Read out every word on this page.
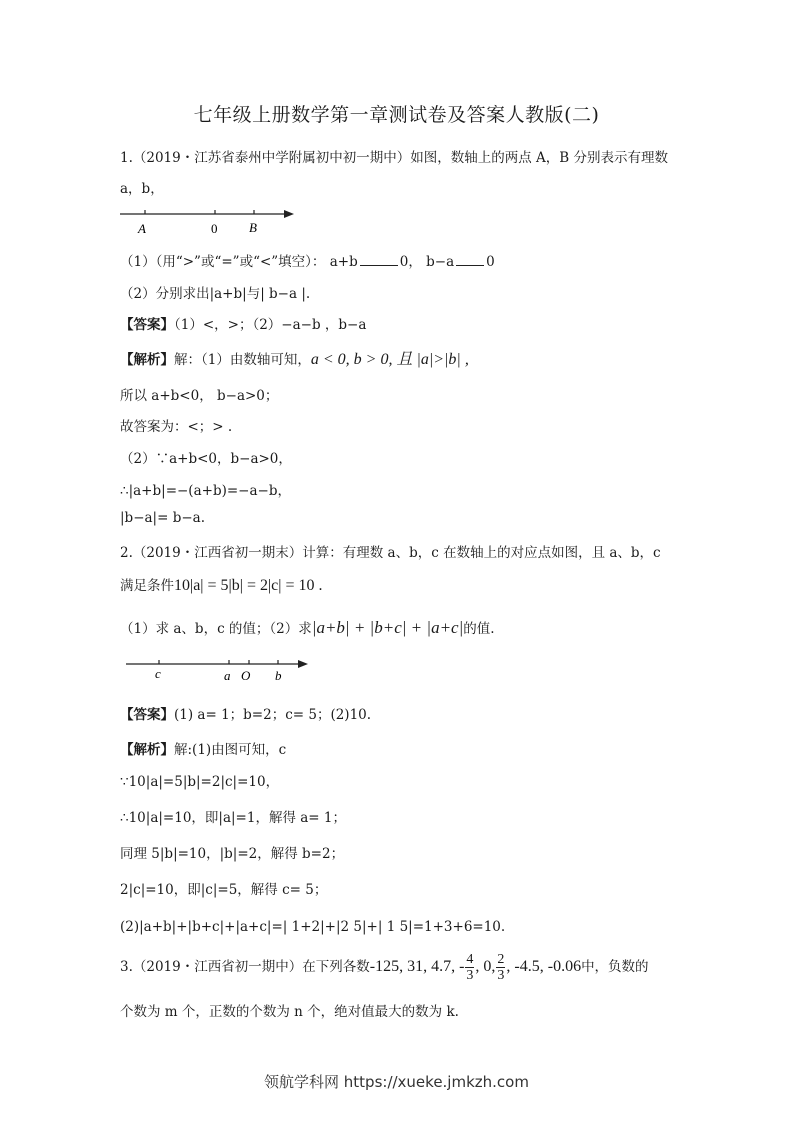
七年级上册数学第一章测试卷及答案人教版(二)
1.（2019・江苏省泰州中学附属初中初一期中）如图，数轴上的两点 A，B 分别表示有理数
a，b，
A	0 B
（1）（用“>”或“=”或“<”填空）： a+b	0， b−a 0
（2）分别求出|a+b|与| b−a |.
【答案】（1）<，>；（2）−a−b ，b−a
【解析】解：（1）由数轴可知，a < 0, b > 0, 且 |a|>|b| ,
所以 a+b<0， b−a>0；
故答案为：<；> .
（2）∵a+b<0，b−a>0，
∴|a+b|=−(a+b)=−a−b，
|b−a|= b−a.
2.（2019・江西省初一期末）计算：有理数 a、b，c 在数轴上的对应点如图，且 a、b，c
满足条件10|a| = 5|b| = 2|c| = 10 .
（1）求 a、b，c 的值；（2）求|a+b| + |b+c| + |a+c|的值.
c	a O b
【答案】(1) a= 1；b=2；c= 5；(2)10.
【解析】解:(1)由图可知，c
∵10|a|=5|b|=2|c|=10，
∴10|a|=10，即|a|=1，解得 a= 1；
同理 5|b|=10，|b|=2，解得 b=2；
2|c|=10，即|c|=5，解得 c= 5；
(2)|a+b|+|b+c|+|a+c|=| 1+2|+|2 5|+| 1 5|=1+3+6=10.
3.（2019・江西省初一期中）在下列各数-125, 31, 4.7, - $\frac{4}{3}$ , 0, $\frac{2}{3}$ , -4.5, -0.06中，负数的
个数为 m 个，正数的个数为 n 个，绝对值最大的数为 k.
领航学科网 https://xueke.jmkzh.com
